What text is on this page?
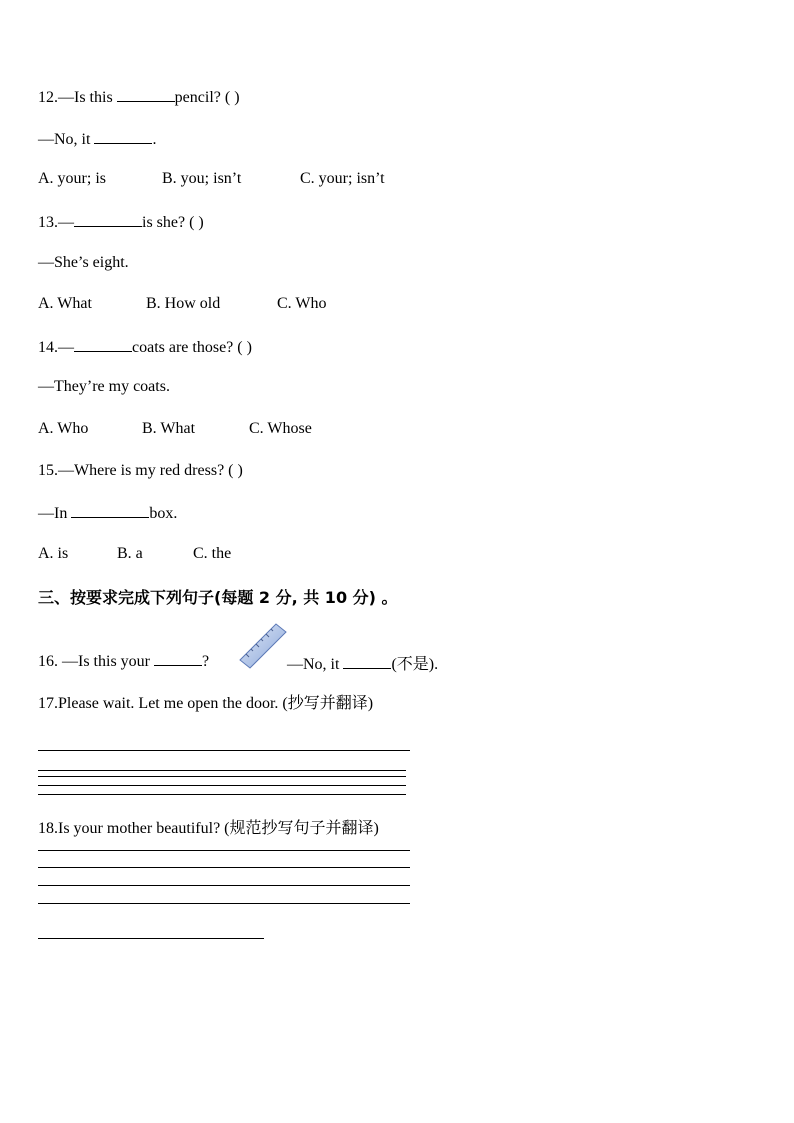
12.—Is this	pencil? ( )
—No, it	.
A. your; is	B. you; isn’t	C. your; isn’t
13.—	is she? ( )
—She’s eight.
A. What	B. How old	C. Who
14.—	coats are those? ( )
—They’re my coats.
A. Who	B. What	C. Whose
15.—Where is my red dress? ( )
—In	box.
A. is	B. a	C. the
三、按要求完成下列句子(每题 2 分, 共 10 分) 。
16. —Is this your	?	—No, it	(不是).
17.Please wait. Let me open the door. (抄写并翻译)
18.Is your mother beautiful? (规范抄写句子并翻译)
